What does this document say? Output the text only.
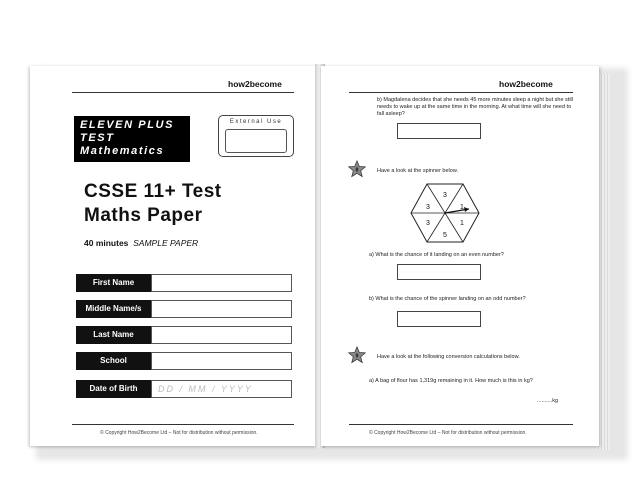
how2become
ELEVEN PLUS
TEST
Mathematics
External Use
CSSE 11+ Test
Maths Paper
40 minutes SAMPLE PAPER
First Name
Middle Name/s
Last Name
School
Date of Birth	DD / MM / YYYY
© Copyright How2Become Ltd – Not for distribution without permission.
how2become
b) Magdalena decides that she needs 45 more minutes sleep a night but she still needs to wake up at the same time in the morning. At what time will she need to fall asleep?
8	Have a look at the spinner below.
3
1
1
5
3
3
a) What is the chance of it landing on an even number?
b) What is the chance of the spinner landing on an odd number?
9	Have a look at the following conversion calculations below.
a) A bag of flour has 1,319g remaining in it. How much is this in kg?
..........kg
© Copyright How2Become Ltd – Not for distribution without permission.
